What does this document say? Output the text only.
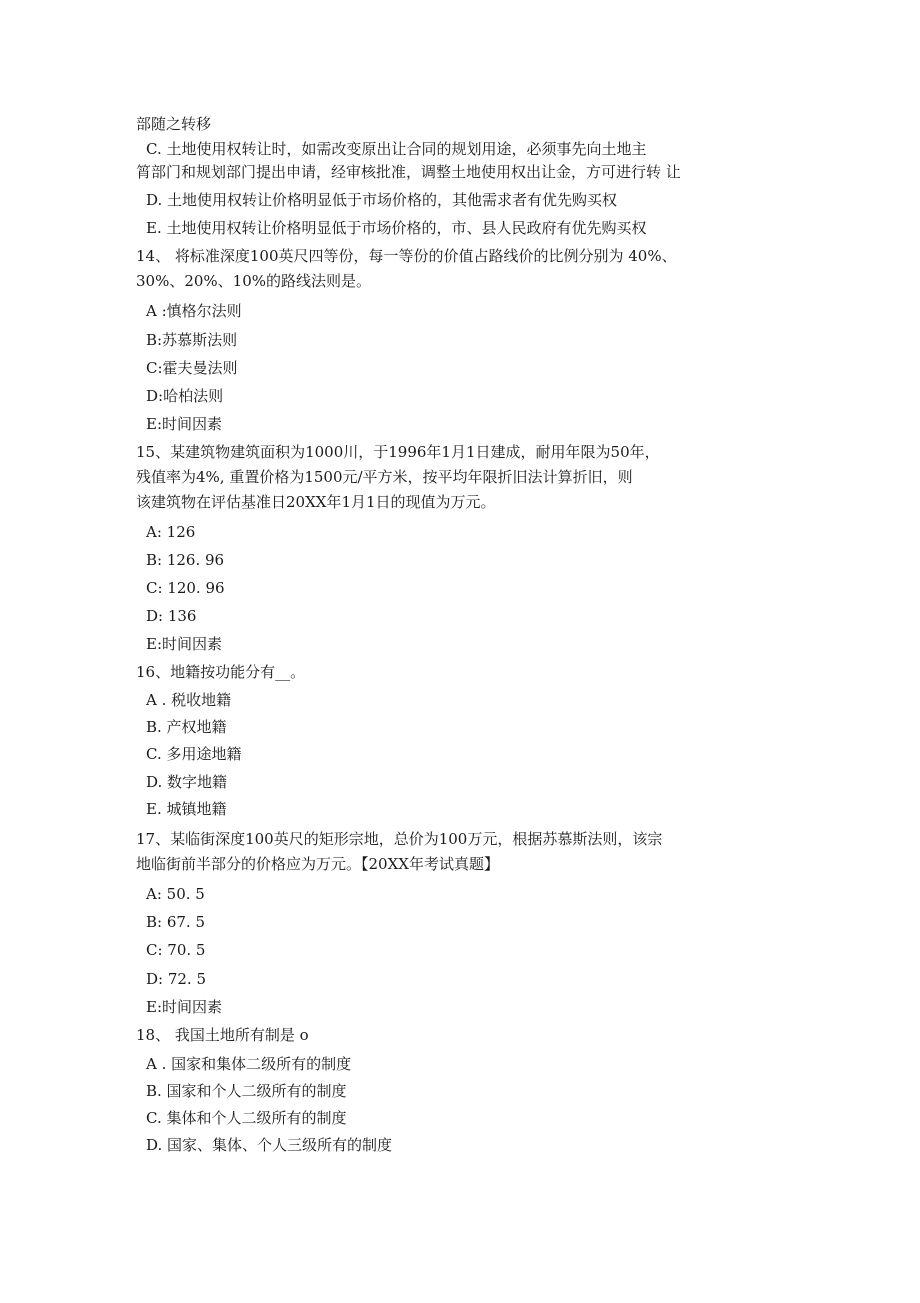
部随之转移
C. 土地使用权转让时，如需改变原出让合同的规划用途，必须事先向土地主
筲部门和规划部门提出申请，经审核批准，调整土地使用权出让金，方可进行转 让
D. 土地使用权转让价格明显低于市场价格的，其他需求者有优先购买权
E. 土地使用权转让价格明显低于市场价格的，市、县人民政府有优先购买权
14、 将标准深度100英尺四等份，每一等份的价值占路线价的比例分别为 40%、
30%、20%、10%的路线法则是。
A :慎格尔法则
B:苏慕斯法则
C:霍夫曼法则
D:哈柏法则
E:时间因素
15、某建筑物建筑面积为1000川，于1996年1月1日建成，耐用年限为50年，
残值率为4%, 重置价格为1500元/平方米，按平均年限折旧法计算折旧，则
该建筑物在评估基准日20XX年1月1日的现值为万元。
A: 126
B: 126. 96
C: 120. 96
D: 136
E:时间因素
16、地籍按功能分有__。
A . 税收地籍
B. 产权地籍
C. 多用途地籍
D. 数字地籍
E. 城镇地籍
17、某临街深度100英尺的矩形宗地，总价为100万元，根据苏慕斯法则，该宗
地临街前半部分的价格应为万元。【20XX年考试真题】
A: 50. 5
B: 67. 5
C: 70. 5
D: 72. 5
E:时间因素
18、 我国土地所有制是 o
A . 国家和集体二级所有的制度
B. 国家和个人二级所有的制度
C. 集体和个人二级所有的制度
D. 国家、集体、个人三级所有的制度
